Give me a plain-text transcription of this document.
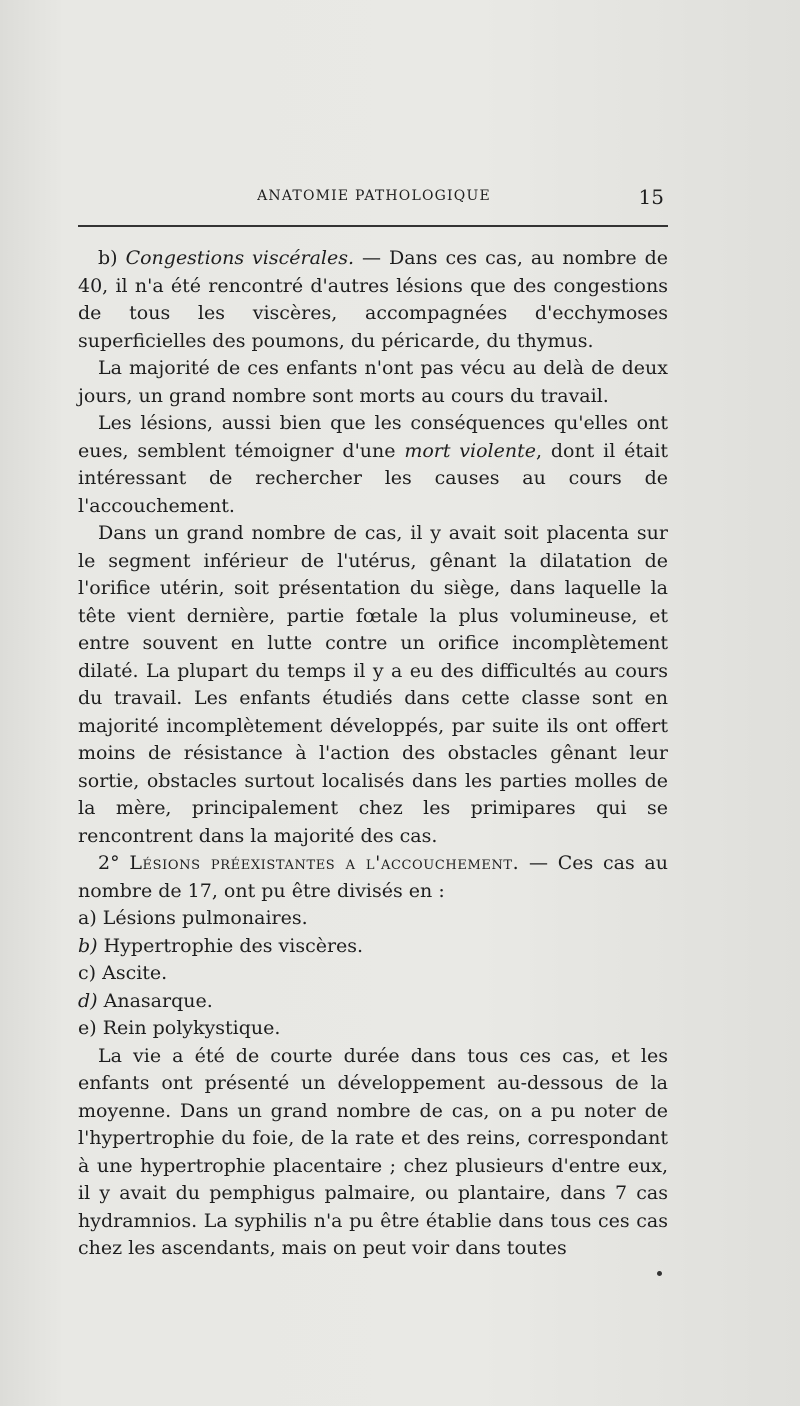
ANATOMIE PATHOLOGIQUE	15

b) Congestions viscérales. — Dans ces cas, au nombre de 40, il n'a été rencontré d'autres lésions que des congestions de tous les viscères, accompagnées d'ecchymoses superficielles des poumons, du péricarde, du thymus.

La majorité de ces enfants n'ont pas vécu au delà de deux jours, un grand nombre sont morts au cours du travail.

Les lésions, aussi bien que les conséquences qu'elles ont eues, semblent témoigner d'une mort violente, dont il était intéressant de rechercher les causes au cours de l'accouchement.

Dans un grand nombre de cas, il y avait soit placenta sur le segment inférieur de l'utérus, gênant la dilatation de l'orifice utérin, soit présentation du siège, dans laquelle la tête vient dernière, partie fœtale la plus volumineuse, et entre souvent en lutte contre un orifice incomplètement dilaté. La plupart du temps il y a eu des difficultés au cours du travail. Les enfants étudiés dans cette classe sont en majorité incomplètement développés, par suite ils ont offert moins de résistance à l'action des obstacles gênant leur sortie, obstacles surtout localisés dans les parties molles de la mère, principalement chez les primipares qui se rencontrent dans la majorité des cas.

2° Lésions préexistantes a l'accouchement. — Ces cas au nombre de 17, ont pu être divisés en :

a) Lésions pulmonaires.
b) Hypertrophie des viscères.
c) Ascite.
d) Anasarque.
e) Rein polykystique.

La vie a été de courte durée dans tous ces cas, et les enfants ont présenté un développement au-dessous de la moyenne. Dans un grand nombre de cas, on a pu noter de l'hypertrophie du foie, de la rate et des reins, correspondant à une hypertrophie placentaire ; chez plusieurs d'entre eux, il y avait du pemphigus palmaire, ou plantaire, dans 7 cas hydramnios. La syphilis n'a pu être établie dans tous ces cas chez les ascendants, mais on peut voir dans toutes
